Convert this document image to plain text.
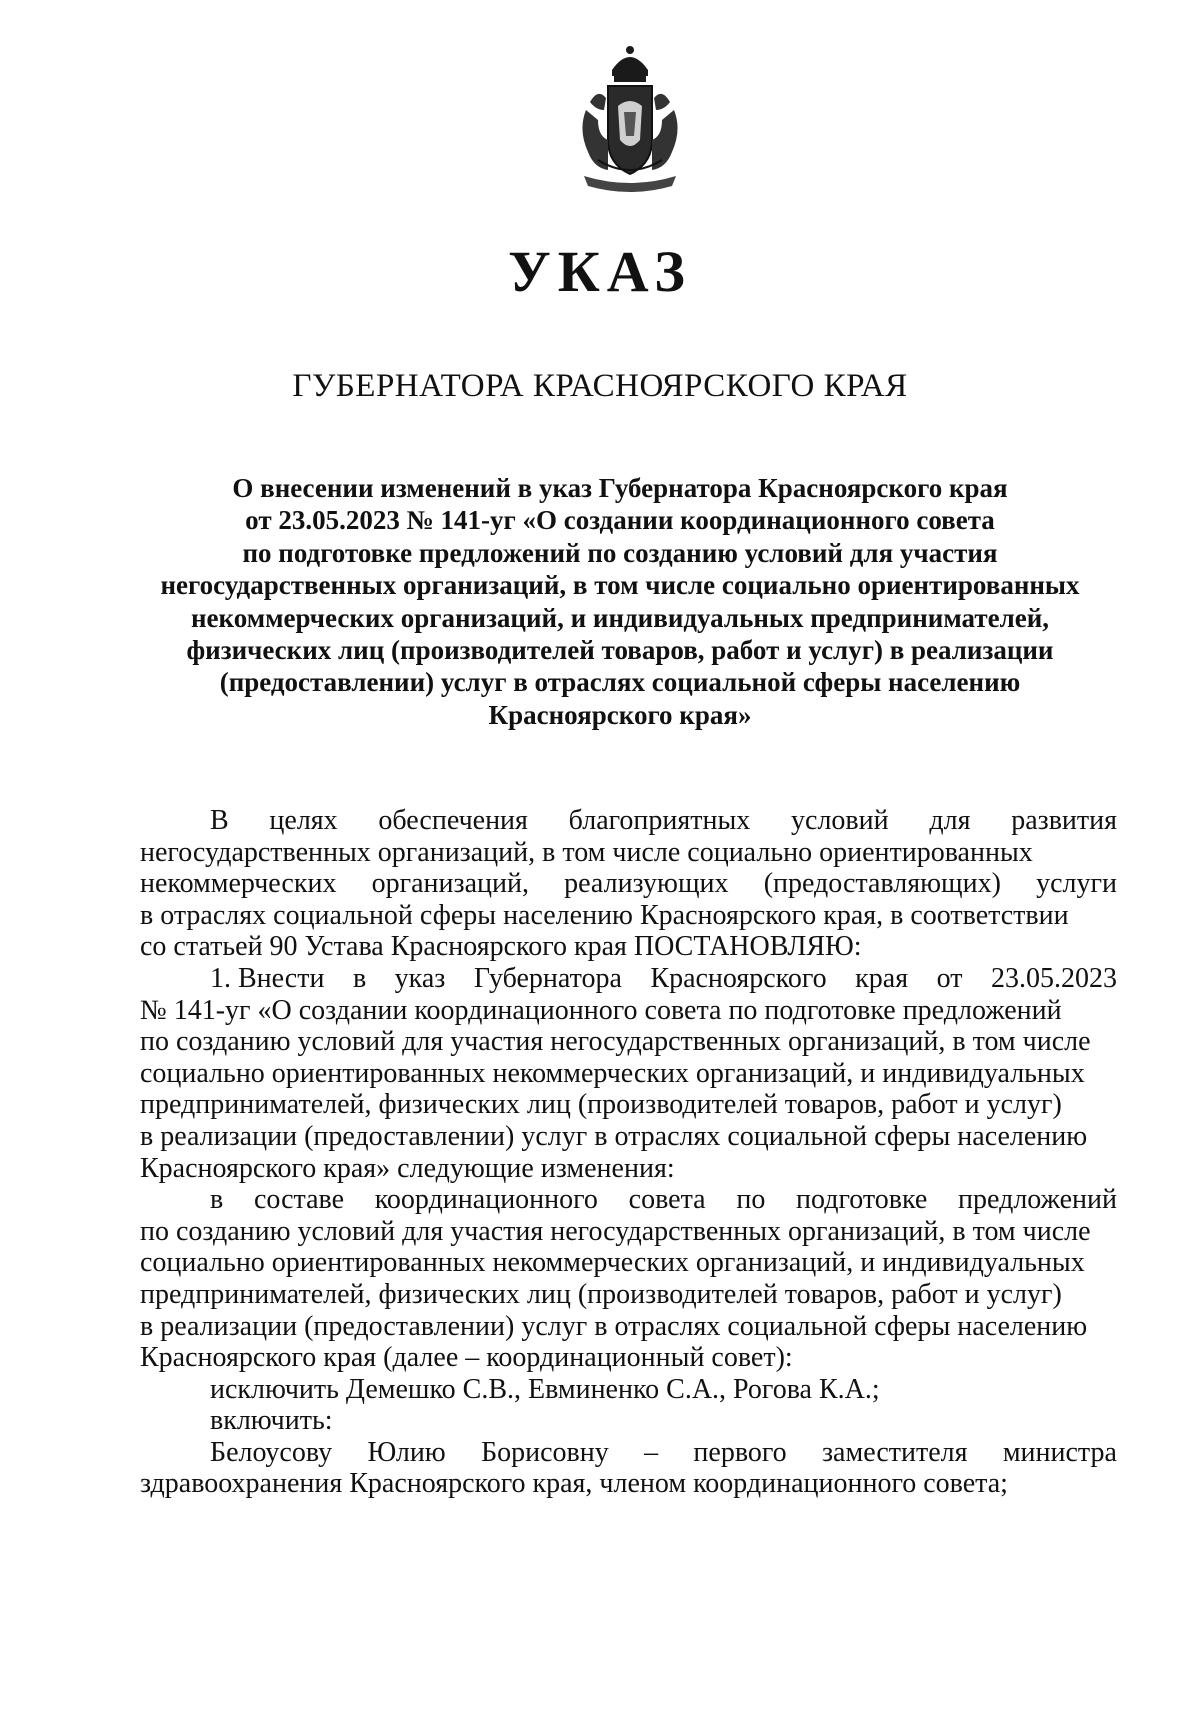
УКАЗ
ГУБЕРНАТОРА КРАСНОЯРСКОГО КРАЯ
О внесении изменений в указ Губернатора Красноярского края
от 23.05.2023 № 141-уг «О создании координационного совета
по подготовке предложений по созданию условий для участия
негосударственных организаций, в том числе социально ориентированных
некоммерческих организаций, и индивидуальных предпринимателей,
физических лиц (производителей товаров, работ и услуг) в реализации
(предоставлении) услуг в отраслях социальной сферы населению
Красноярского края»
В целях обеспечения благоприятных условий для развития
негосударственных организаций, в том числе социально ориентированных
некоммерческих организаций, реализующих (предоставляющих) услуги
в отраслях социальной сферы населению Красноярского края, в соответствии
со статьей 90 Устава Красноярского края ПОСТАНОВЛЯЮ:
1. Внести в указ Губернатора Красноярского края от 23.05.2023
№ 141-уг «О создании координационного совета по подготовке предложений
по созданию условий для участия негосударственных организаций, в том числе
социально ориентированных некоммерческих организаций, и индивидуальных
предпринимателей, физических лиц (производителей товаров, работ и услуг)
в реализации (предоставлении) услуг в отраслях социальной сферы населению
Красноярского края» следующие изменения:
в составе координационного совета по подготовке предложений
по созданию условий для участия негосударственных организаций, в том числе
социально ориентированных некоммерческих организаций, и индивидуальных
предпринимателей, физических лиц (производителей товаров, работ и услуг)
в реализации (предоставлении) услуг в отраслях социальной сферы населению
Красноярского края (далее – координационный совет):
исключить Демешко С.В., Евминенко С.А., Рогова К.А.;
включить:
Белоусову Юлию Борисовну – первого заместителя министра
здравоохранения Красноярского края, членом координационного совета;
